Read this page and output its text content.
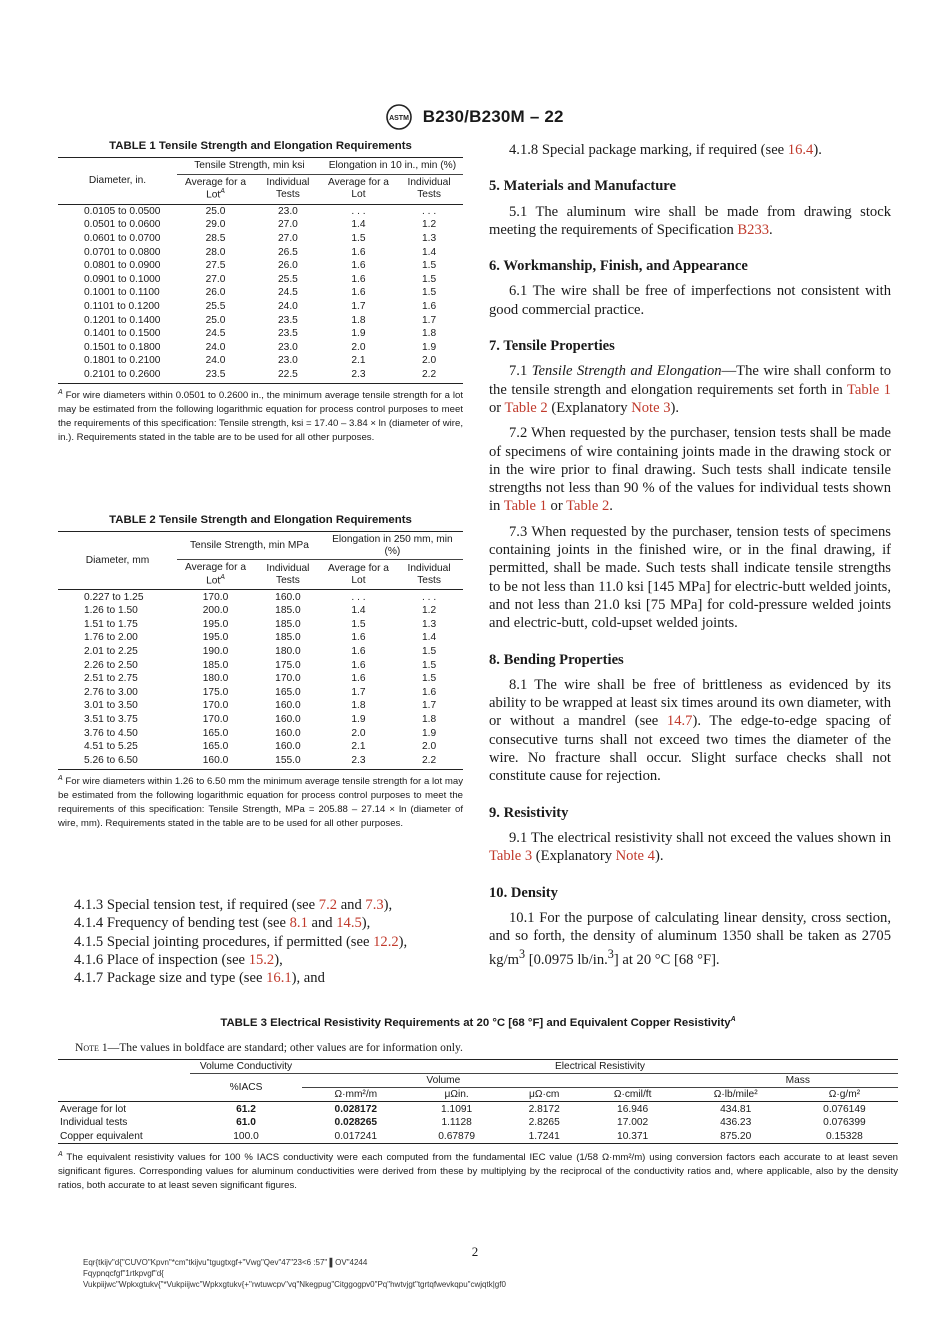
ASTM B230/B230M – 22
TABLE 1 Tensile Strength and Elongation Requirements
Diameter, in.	Tensile Strength, min ksi		Elongation in 10 in., min (%)	
	Average for a Lot$^A$	Individual Tests	Average for a Lot	Individual Tests
0.0105 to 0.0500	25.0	23.0	. . .	. . .
0.0501 to 0.0600	29.0	27.0	1.4	1.2
0.0601 to 0.0700	28.5	27.0	1.5	1.3
0.0701 to 0.0800	28.0	26.5	1.6	1.4
0.0801 to 0.0900	27.5	26.0	1.6	1.5
0.0901 to 0.1000	27.0	25.5	1.6	1.5
0.1001 to 0.1100	26.0	24.5	1.6	1.5
0.1101 to 0.1200	25.5	24.0	1.7	1.6
0.1201 to 0.1400	25.0	23.5	1.8	1.7
0.1401 to 0.1500	24.5	23.5	1.9	1.8
0.1501 to 0.1800	24.0	23.0	2.0	1.9
0.1801 to 0.2100	24.0	23.0	2.1	2.0
0.2101 to 0.2600	23.5	22.5	2.3	2.2
$^A$ For wire diameters within 0.0501 to 0.2600 in., the minimum average tensile strength for a lot may be estimated from the following logarithmic equation for process control purposes to meet the requirements of this specification: Tensile strength, ksi = 17.40 – 3.84 × ln (diameter of wire, in.). Requirements stated in the table are to be used for all other purposes.
TABLE 2 Tensile Strength and Elongation Requirements
Diameter, mm	Tensile Strength, min MPa		Elongation in 250 mm, min (%)	
	Average for a Lot$^A$	Individual Tests	Average for a Lot	Individual Tests
0.227 to 1.25	170.0	160.0	. . .	. . .
1.26 to 1.50	200.0	185.0	1.4	1.2
1.51 to 1.75	195.0	185.0	1.5	1.3
1.76 to 2.00	195.0	185.0	1.6	1.4
2.01 to 2.25	190.0	180.0	1.6	1.5
2.26 to 2.50	185.0	175.0	1.6	1.5
2.51 to 2.75	180.0	170.0	1.6	1.5
2.76 to 3.00	175.0	165.0	1.7	1.6
3.01 to 3.50	170.0	160.0	1.8	1.7
3.51 to 3.75	170.0	160.0	1.9	1.8
3.76 to 4.50	165.0	160.0	2.0	1.9
4.51 to 5.25	165.0	160.0	2.1	2.0
5.26 to 6.50	160.0	155.0	2.3	2.2
$^A$ For wire diameters within 1.26 to 6.50 mm the minimum average tensile strength for a lot may be estimated from the following logarithmic equation for process control purposes to meet the requirements of this specification: Tensile Strength, MPa = 205.88 – 27.14 × ln (diameter of wire, mm). Requirements stated in the table are to be used for all other purposes.
4.1.3 Special tension test, if required (see 7.2 and 7.3),
4.1.4 Frequency of bending test (see 8.1 and 14.5),
4.1.5 Special jointing procedures, if permitted (see 12.2),
4.1.6 Place of inspection (see 15.2),
4.1.7 Package size and type (see 16.1), and

4.1.8 Special package marking, if required (see 16.4).

5. Materials and Manufacture

5.1 The aluminum wire shall be made from drawing stock meeting the requirements of Specification B233.

6. Workmanship, Finish, and Appearance

6.1 The wire shall be free of imperfections not consistent with good commercial practice.

7. Tensile Properties

7.1 Tensile Strength and Elongation—The wire shall conform to the tensile strength and elongation requirements set forth in Table 1 or Table 2 (Explanatory Note 3).

7.2 When requested by the purchaser, tension tests shall be made of specimens of wire containing joints made in the drawing stock or in the wire prior to final drawing. Such tests shall indicate tensile strengths not less than 90 % of the values for individual tests shown in Table 1 or Table 2.

7.3 When requested by the purchaser, tension tests of specimens containing joints in the finished wire, or in the final drawing, if permitted, shall be made. Such tests shall indicate tensile strengths to be not less than 11.0 ksi [145 MPa] for electric-butt welded joints, and not less than 21.0 ksi [75 MPa] for cold-pressure welded joints and electric-butt, cold-upset welded joints.

8. Bending Properties

8.1 The wire shall be free of brittleness as evidenced by its ability to be wrapped at least six times around its own diameter, with or without a mandrel (see 14.7). The edge-to-edge spacing of consecutive turns shall not exceed two times the diameter of the wire. No fracture shall occur. Slight surface checks shall not constitute cause for rejection.

9. Resistivity

9.1 The electrical resistivity shall not exceed the values shown in Table 3 (Explanatory Note 4).

10. Density

10.1 For the purpose of calculating linear density, cross section, and so forth, the density of aluminum 1350 shall be taken as 2705 $kg/m^3$ [0.0975 lb/in.$^3$] at 20 °C [68 °F].

TABLE 3 Electrical Resistivity Requirements at 20 °C [68 °F] and Equivalent Copper Resistivity$^A$
Note 1—The values in boldface are standard; other values are for information only.
	Volume Conductivity	Electrical Resistivity					
	%IACS	Volume			Mass		
		Ω·mm²/m	μΩin.	μΩ·cm	Ω·cmil/ft	Ω·lb/mile²	Ω·g/m²
Average for lot	61.2	0.028172	1.1091	2.8172	16.946	434.81	0.076149
Individual tests	61.0	0.028265	1.1128	2.8265	17.002	436.23	0.076399
Copper equivalent	100.0	0.017241	0.67879	1.7241	10.371	875.20	0.15328
$^A$ The equivalent resistivity values for 100 % IACS conductivity were each computed from the fundamental IEC value (1/58 Ω·mm²/m) using conversion factors each accurate to at least seven significant figures. Corresponding values for aluminum conductivities were derived from these by multiplying by the reciprocal of the conductivity ratios and, where applicable, also by the density ratios, both accurate to at least seven significant figures.
2
Eqr{tkijv"d{"CUVO"Kpvn"*cm"tkijvu"tgugtxgf+"Vwg"Qev"47"23<6 :57" ▌OV"4244
Fqypnqcfgf"1rtkpvgf"d{
Vukpiijwc"Wpkxgtukv{"*Vukpiijwc"Wpkxgtukv{+"rwtuwcpv"vq"Nkegpug"Citggogpv0"Pq"hwtvjgt"tgrtqfwevkqpu"cwjqtk|gf0
